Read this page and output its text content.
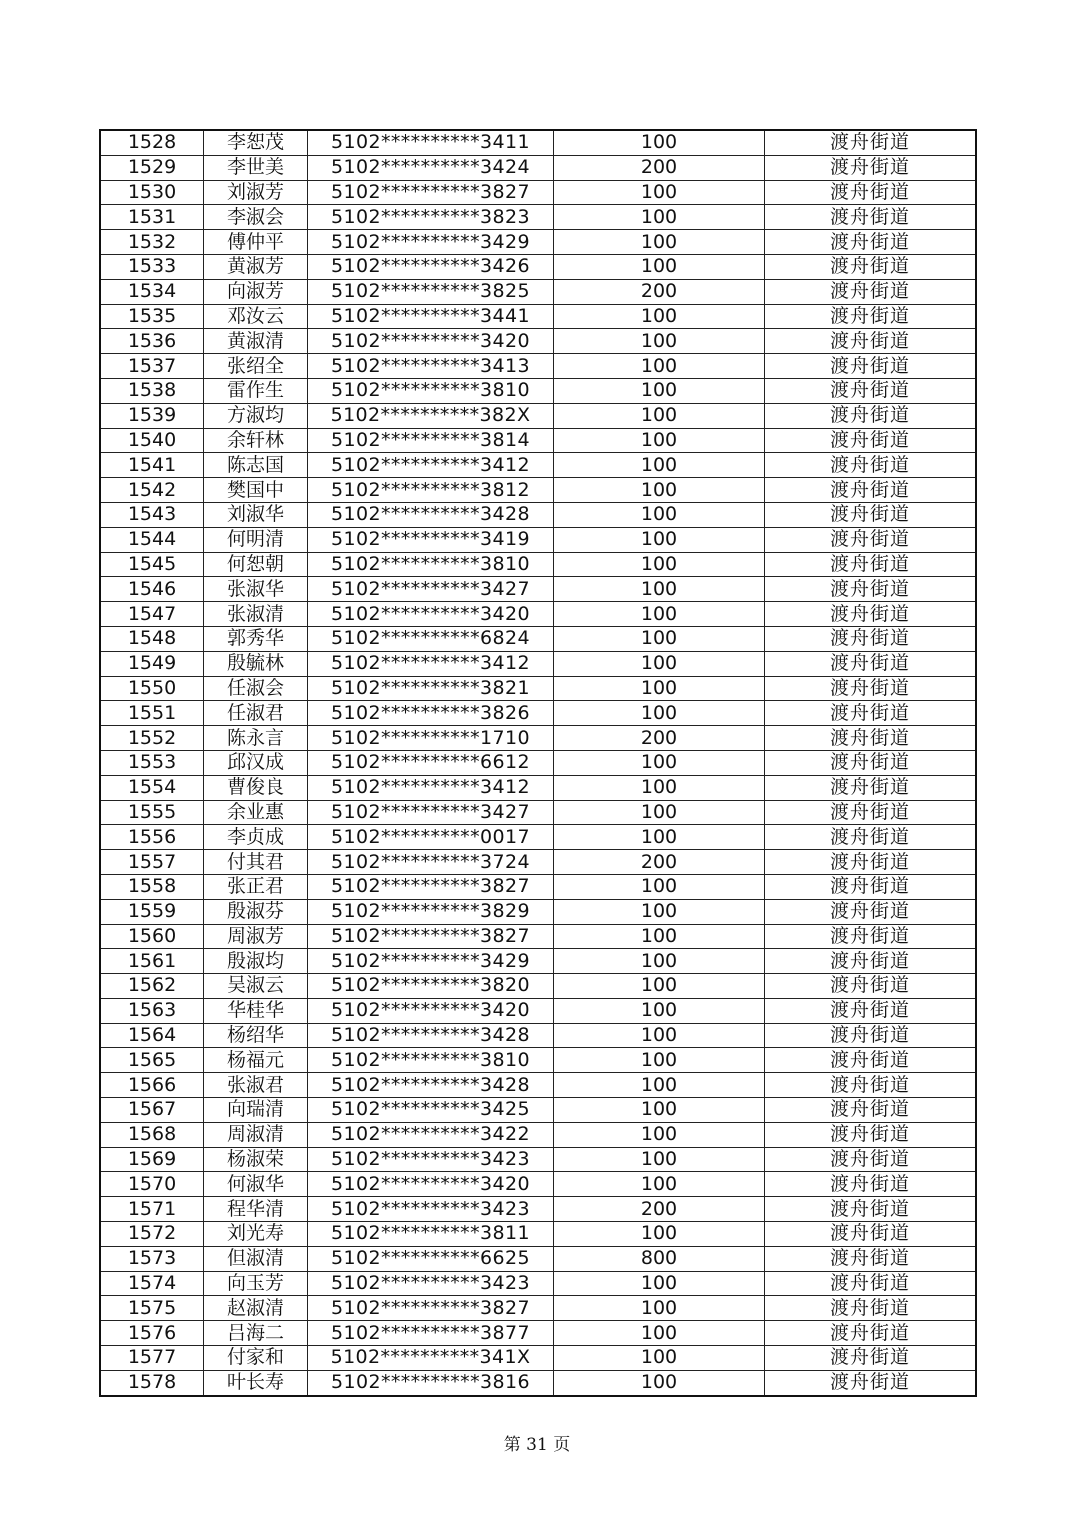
1528	李恕茂	5102**********3411	100	渡舟街道
1529	李世美	5102**********3424	200	渡舟街道
1530	刘淑芳	5102**********3827	100	渡舟街道
1531	李淑会	5102**********3823	100	渡舟街道
1532	傅仲平	5102**********3429	100	渡舟街道
1533	黄淑芳	5102**********3426	100	渡舟街道
1534	向淑芳	5102**********3825	200	渡舟街道
1535	邓汝云	5102**********3441	100	渡舟街道
1536	黄淑清	5102**********3420	100	渡舟街道
1537	张绍全	5102**********3413	100	渡舟街道
1538	雷作生	5102**********3810	100	渡舟街道
1539	方淑均	5102**********382X	100	渡舟街道
1540	余轩林	5102**********3814	100	渡舟街道
1541	陈志国	5102**********3412	100	渡舟街道
1542	樊国中	5102**********3812	100	渡舟街道
1543	刘淑华	5102**********3428	100	渡舟街道
1544	何明清	5102**********3419	100	渡舟街道
1545	何恕朝	5102**********3810	100	渡舟街道
1546	张淑华	5102**********3427	100	渡舟街道
1547	张淑清	5102**********3420	100	渡舟街道
1548	郭秀华	5102**********6824	100	渡舟街道
1549	殷毓林	5102**********3412	100	渡舟街道
1550	任淑会	5102**********3821	100	渡舟街道
1551	任淑君	5102**********3826	100	渡舟街道
1552	陈永言	5102**********1710	200	渡舟街道
1553	邱汉成	5102**********6612	100	渡舟街道
1554	曹俊良	5102**********3412	100	渡舟街道
1555	余业惠	5102**********3427	100	渡舟街道
1556	李贞成	5102**********0017	100	渡舟街道
1557	付其君	5102**********3724	200	渡舟街道
1558	张正君	5102**********3827	100	渡舟街道
1559	殷淑芬	5102**********3829	100	渡舟街道
1560	周淑芳	5102**********3827	100	渡舟街道
1561	殷淑均	5102**********3429	100	渡舟街道
1562	吴淑云	5102**********3820	100	渡舟街道
1563	华桂华	5102**********3420	100	渡舟街道
1564	杨绍华	5102**********3428	100	渡舟街道
1565	杨福元	5102**********3810	100	渡舟街道
1566	张淑君	5102**********3428	100	渡舟街道
1567	向瑞清	5102**********3425	100	渡舟街道
1568	周淑清	5102**********3422	100	渡舟街道
1569	杨淑荣	5102**********3423	100	渡舟街道
1570	何淑华	5102**********3420	100	渡舟街道
1571	程华清	5102**********3423	200	渡舟街道
1572	刘光寿	5102**********3811	100	渡舟街道
1573	但淑清	5102**********6625	800	渡舟街道
1574	向玉芳	5102**********3423	100	渡舟街道
1575	赵淑清	5102**********3827	100	渡舟街道
1576	吕海二	5102**********3877	100	渡舟街道
1577	付家和	5102**********341X	100	渡舟街道
1578	叶长寿	5102**********3816	100	渡舟街道
第 31 页
